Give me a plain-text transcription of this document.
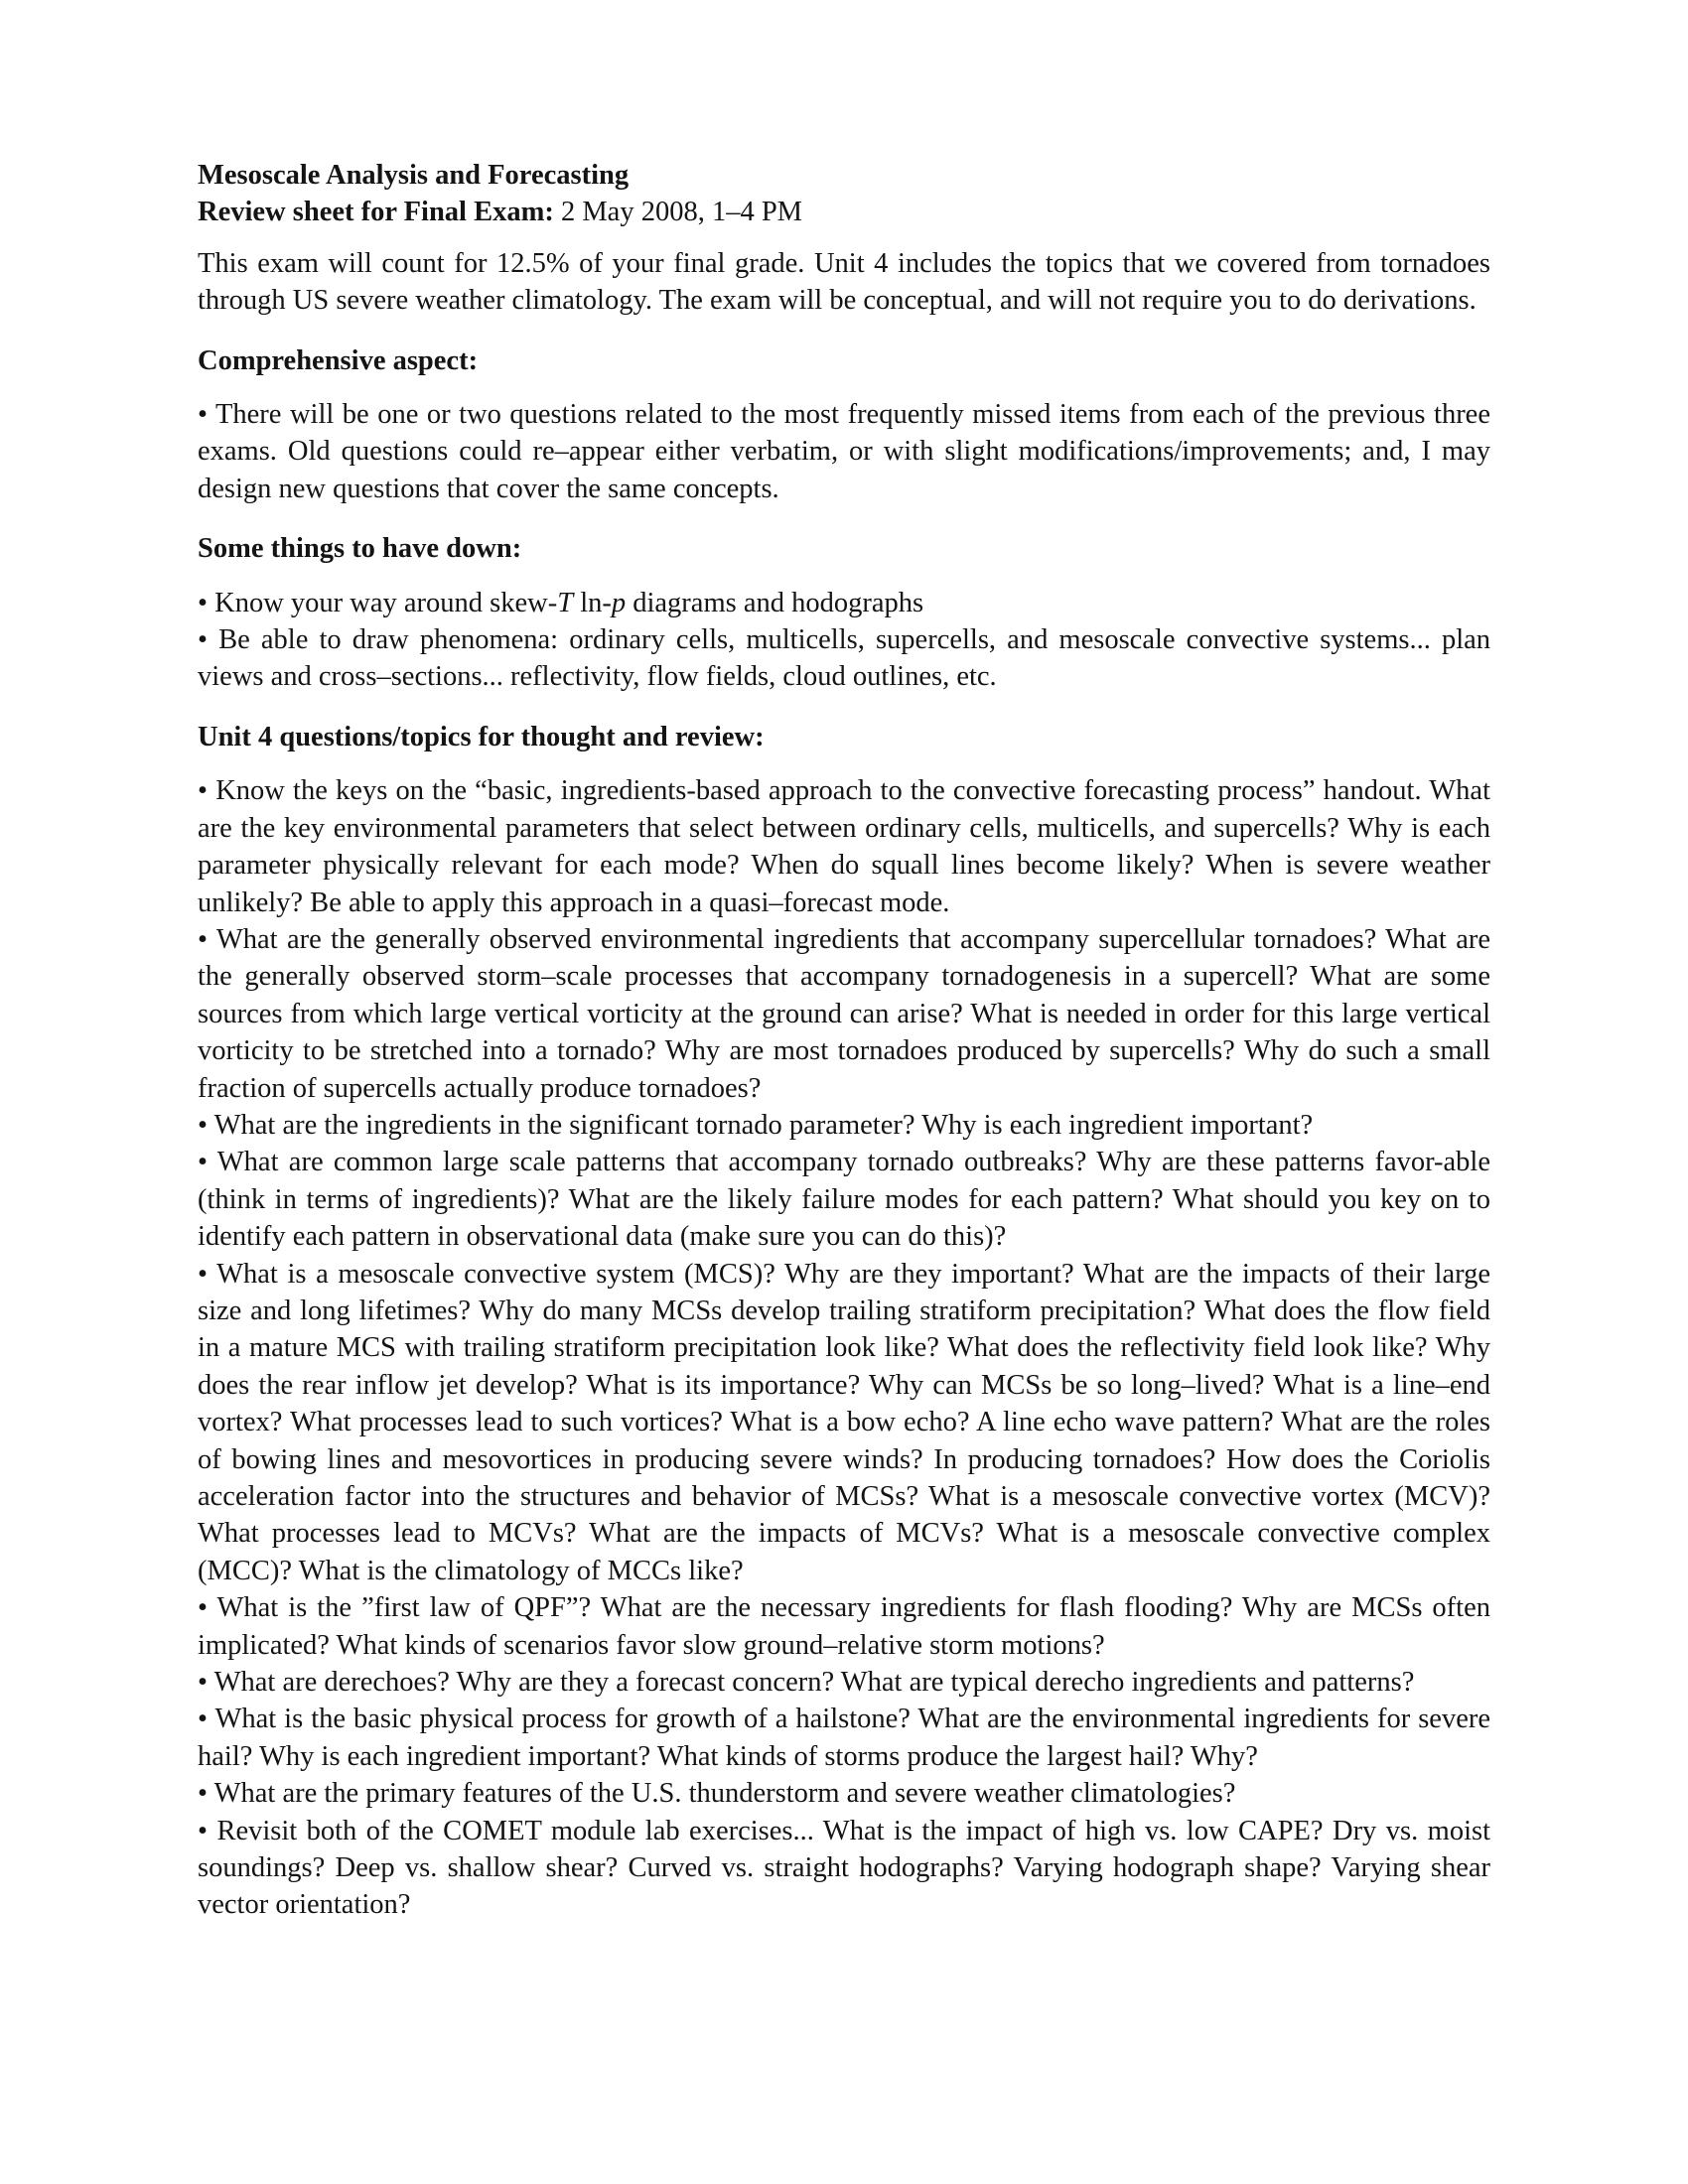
Mesoscale Analysis and Forecasting
Review sheet for Final Exam: 2 May 2008, 1–4 PM

This exam will count for 12.5% of your final grade. Unit 4 includes the topics that we covered from tornadoes through US severe weather climatology. The exam will be conceptual, and will not require you to do derivations.

Comprehensive aspect:

• There will be one or two questions related to the most frequently missed items from each of the previous three exams. Old questions could re–appear either verbatim, or with slight modifications/improvements; and, I may design new questions that cover the same concepts.

Some things to have down:

• Know your way around skew-T ln-p diagrams and hodographs

• Be able to draw phenomena: ordinary cells, multicells, supercells, and mesoscale convective systems... plan views and cross–sections... reflectivity, flow fields, cloud outlines, etc.

Unit 4 questions/topics for thought and review:

• Know the keys on the “basic, ingredients-based approach to the convective forecasting process” handout. What are the key environmental parameters that select between ordinary cells, multicells, and supercells? Why is each parameter physically relevant for each mode? When do squall lines become likely? When is severe weather unlikely? Be able to apply this approach in a quasi–forecast mode.

• What are the generally observed environmental ingredients that accompany supercellular tornadoes? What are the generally observed storm–scale processes that accompany tornadogenesis in a supercell? What are some sources from which large vertical vorticity at the ground can arise? What is needed in order for this large vertical vorticity to be stretched into a tornado? Why are most tornadoes produced by supercells? Why do such a small fraction of supercells actually produce tornadoes?

• What are the ingredients in the significant tornado parameter? Why is each ingredient important?

• What are common large scale patterns that accompany tornado outbreaks? Why are these patterns favor-able (think in terms of ingredients)? What are the likely failure modes for each pattern? What should you key on to identify each pattern in observational data (make sure you can do this)?

• What is a mesoscale convective system (MCS)? Why are they important? What are the impacts of their large size and long lifetimes? Why do many MCSs develop trailing stratiform precipitation? What does the flow field in a mature MCS with trailing stratiform precipitation look like? What does the reflectivity field look like? Why does the rear inflow jet develop? What is its importance? Why can MCSs be so long–lived? What is a line–end vortex? What processes lead to such vortices? What is a bow echo? A line echo wave pattern? What are the roles of bowing lines and mesovortices in producing severe winds? In producing tornadoes? How does the Coriolis acceleration factor into the structures and behavior of MCSs? What is a mesoscale convective vortex (MCV)? What processes lead to MCVs? What are the impacts of MCVs? What is a mesoscale convective complex (MCC)? What is the climatology of MCCs like?

• What is the ”first law of QPF”? What are the necessary ingredients for flash flooding? Why are MCSs often implicated? What kinds of scenarios favor slow ground–relative storm motions?

• What are derechoes? Why are they a forecast concern? What are typical derecho ingredients and patterns?

• What is the basic physical process for growth of a hailstone? What are the environmental ingredients for severe hail? Why is each ingredient important? What kinds of storms produce the largest hail? Why?

• What are the primary features of the U.S. thunderstorm and severe weather climatologies?

• Revisit both of the COMET module lab exercises... What is the impact of high vs. low CAPE? Dry vs. moist soundings? Deep vs. shallow shear? Curved vs. straight hodographs? Varying hodograph shape? Varying shear vector orientation?
